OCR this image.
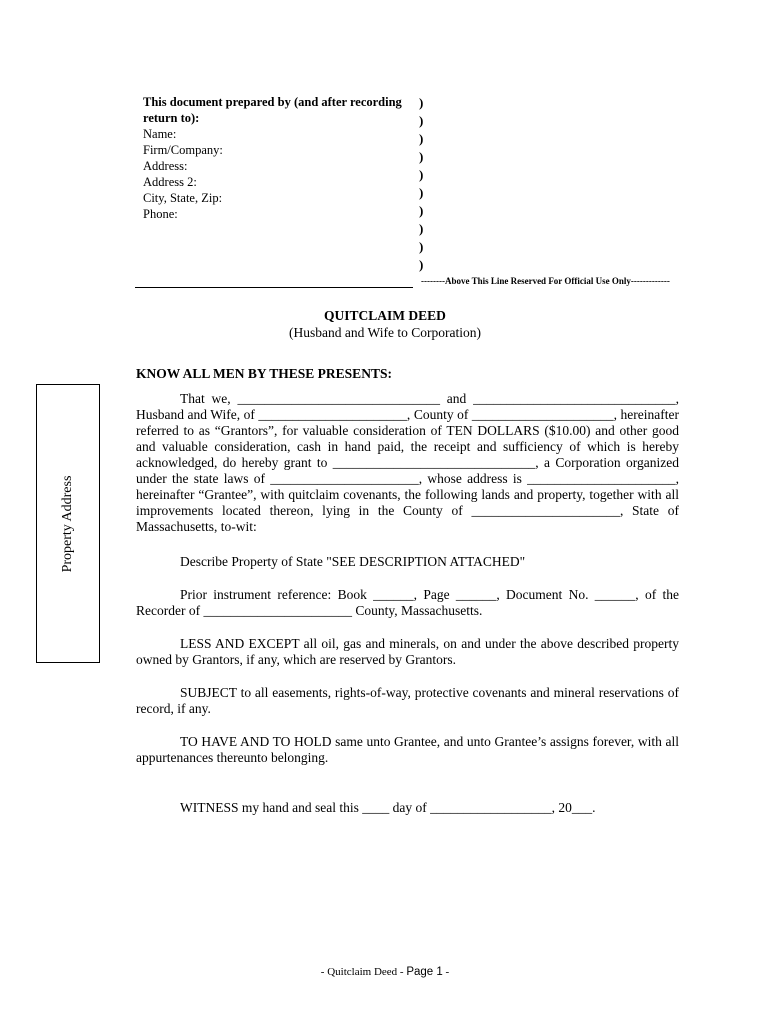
This document prepared by (and after recording return to):
Name:
Firm/Company:
Address:
Address 2:
City, State, Zip:
Phone:
)
)
)
)
)
)
)
)
)
)
--------Above This Line Reserved For Official Use Only-------------
QUITCLAIM DEED
(Husband and Wife to Corporation)
KNOW ALL MEN BY THESE PRESENTS:
Property Address
That we, ______________________________ and ______________________________, Husband and Wife, of ______________________, County of _____________________, hereinafter referred to as “Grantors”, for valuable consideration of TEN DOLLARS ($10.00) and other good and valuable consideration, cash in hand paid, the receipt and sufficiency of which is hereby acknowledged, do hereby grant to ______________________________, a Corporation organized under the state laws of ______________________, whose address is ______________________, hereinafter “Grantee”, with quitclaim covenants, the following lands and property, together with all improvements located thereon, lying in the County of ______________________, State of Massachusetts, to-wit:
Describe Property of State "SEE DESCRIPTION ATTACHED"
Prior instrument reference: Book ______, Page ______, Document No. ______, of the Recorder of ______________________ County, Massachusetts.
LESS AND EXCEPT all oil, gas and minerals, on and under the above described property owned by Grantors, if any, which are reserved by Grantors.
SUBJECT to all easements, rights-of-way, protective covenants and mineral reservations of record, if any.
TO HAVE AND TO HOLD same unto Grantee, and unto Grantee’s assigns forever, with all appurtenances thereunto belonging.
WITNESS my hand and seal this ____ day of __________________, 20___.
- Quitclaim Deed - Page 1 -
